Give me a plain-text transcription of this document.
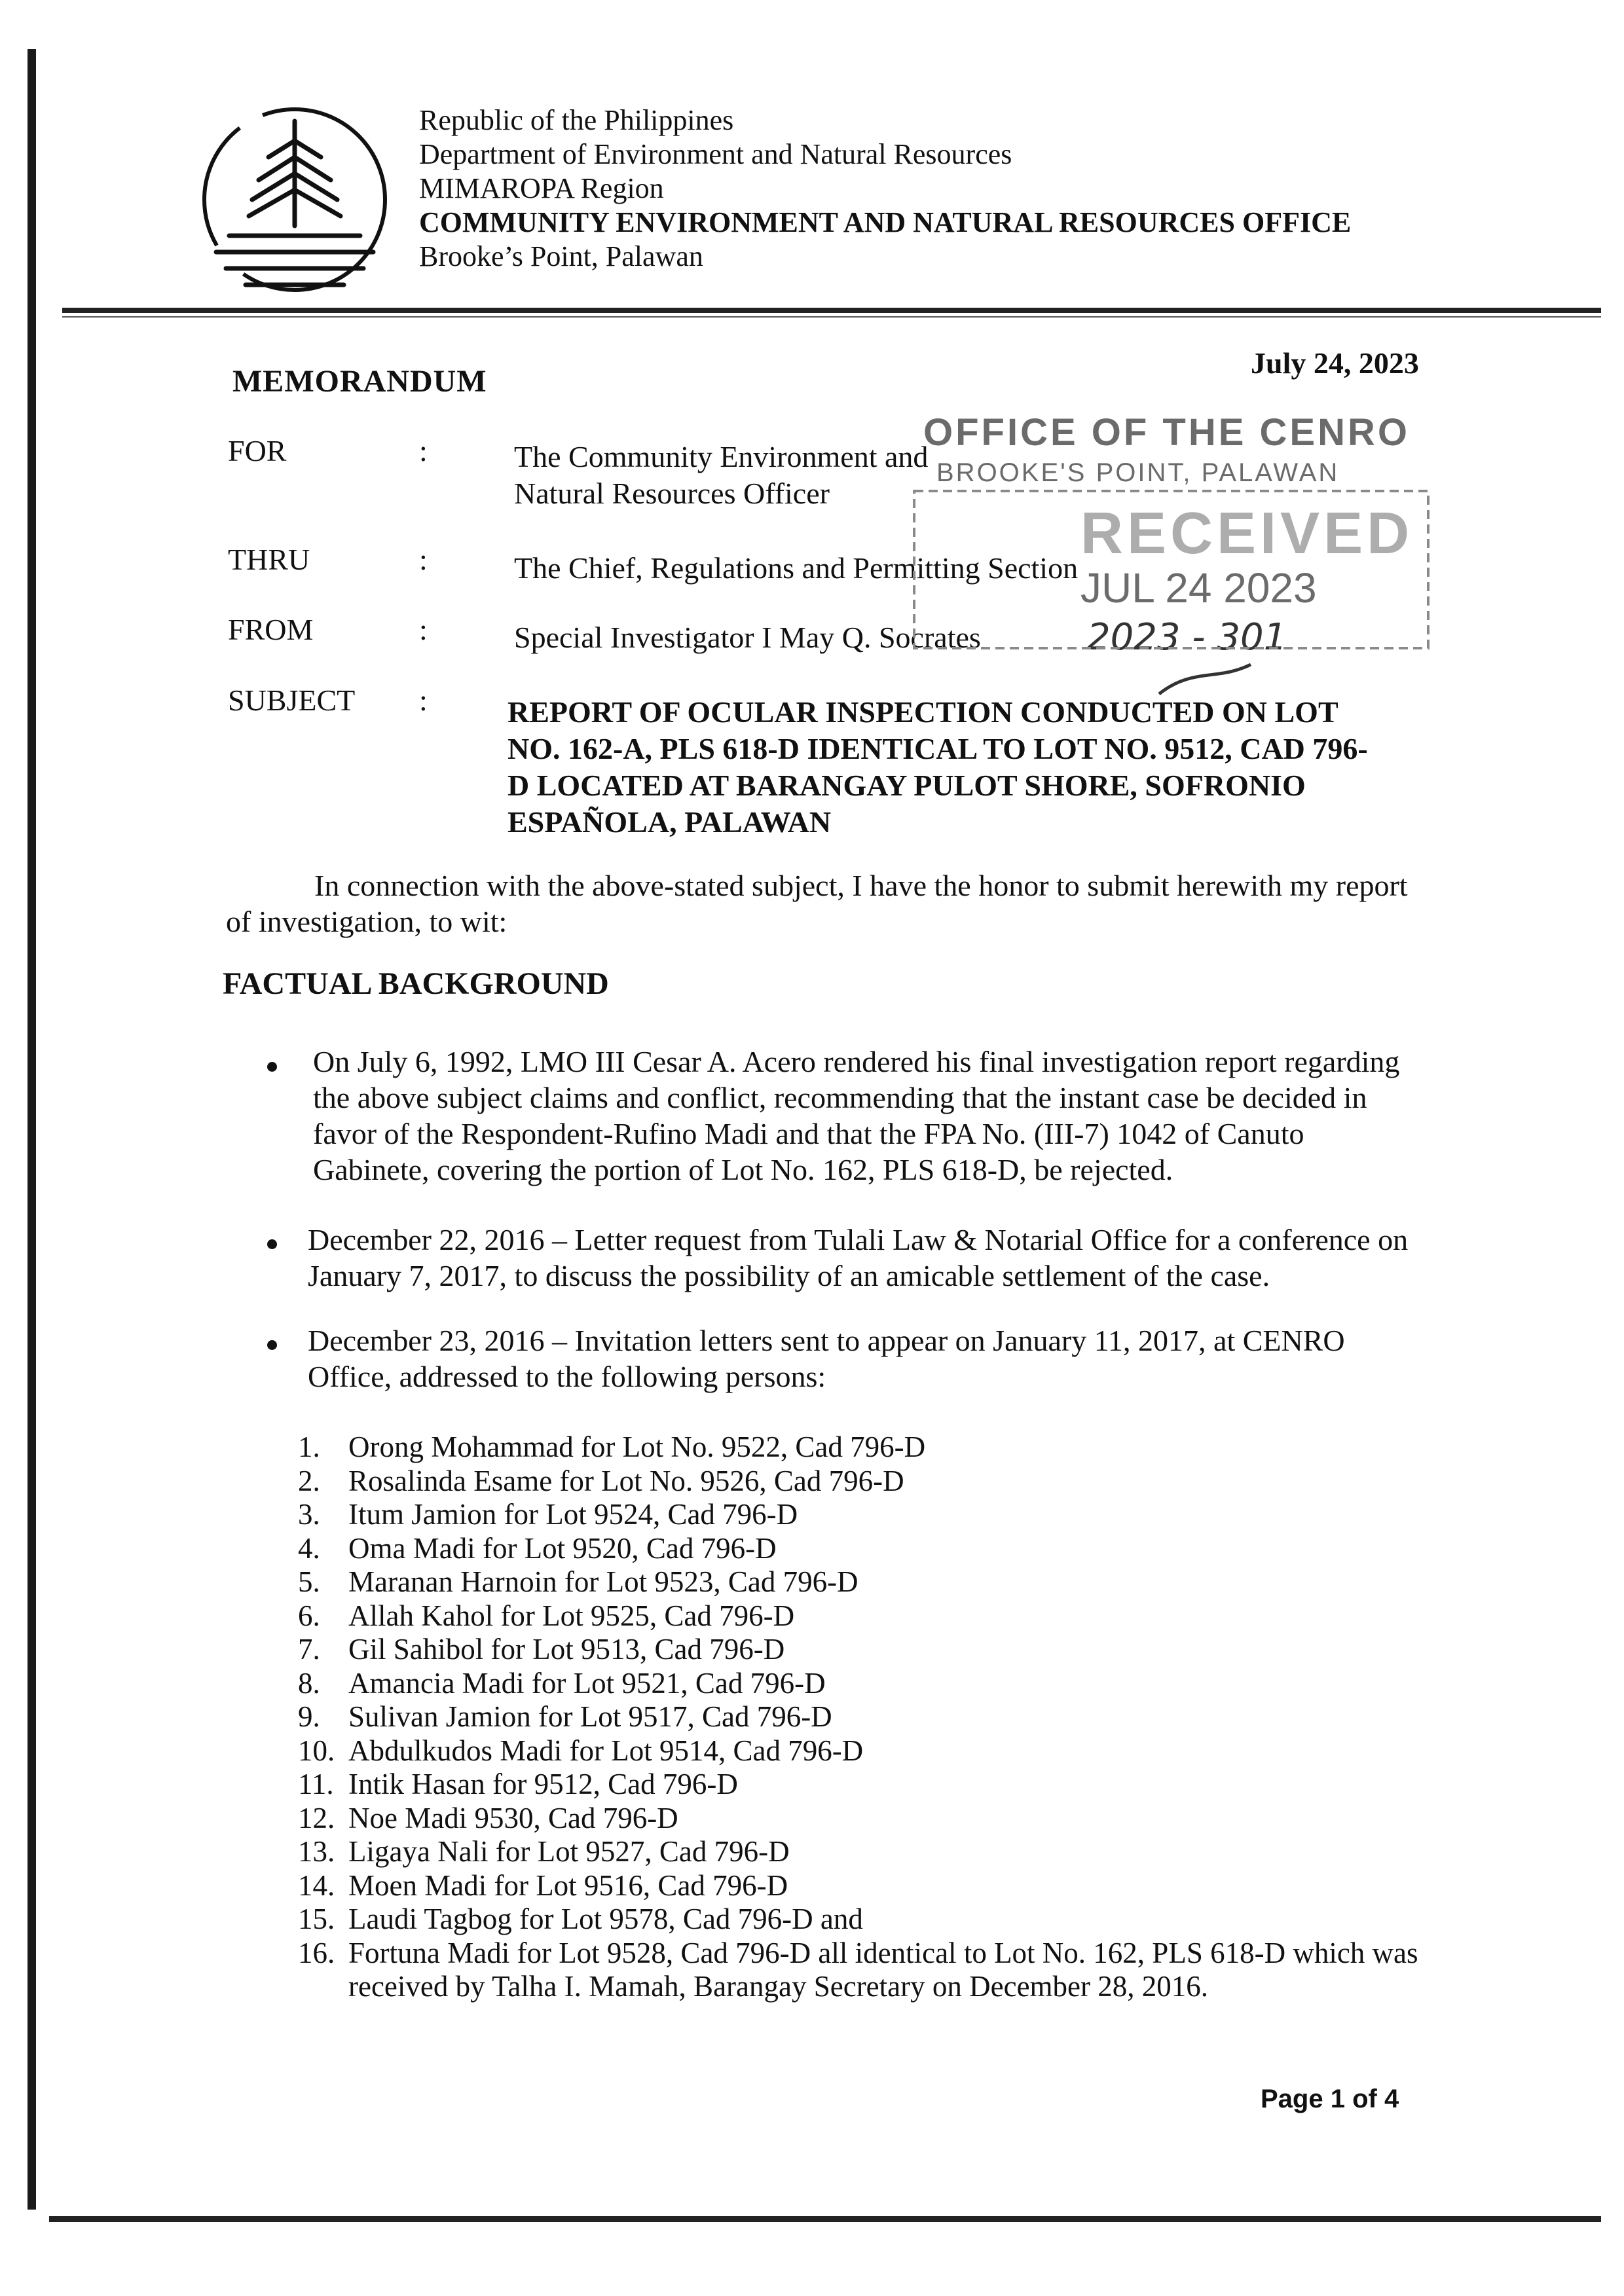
Republic of the Philippines
Department of Environment and Natural Resources
MIMAROPA Region
COMMUNITY ENVIRONMENT AND NATURAL RESOURCES OFFICE
Brooke’s Point, Palawan
July 24, 2023
MEMORANDUM
FOR	:	The Community Environment and
Natural Resources Officer
THRU	:	The Chief, Regulations and Permitting Section
FROM	:	Special Investigator I May Q. Socrates
SUBJECT :	REPORT OF OCULAR INSPECTION CONDUCTED ON LOT NO. 162-A, PLS 618-D IDENTICAL TO LOT NO. 9512, CAD 796-D LOCATED AT BARANGAY PULOT SHORE, SOFRONIO ESPAÑOLA, PALAWAN
OFFICE OF THE CENRO
BROOKE'S POINT, PALAWAN
RECEIVED
JUL 24 2023
2023 - 301
In connection with the above-stated subject, I have the honor to submit herewith my report of investigation, to wit:
FACTUAL BACKGROUND
On July 6, 1992, LMO III Cesar A. Acero rendered his final investigation report regarding the above subject claims and conflict, recommending that the instant case be decided in favor of the Respondent-Rufino Madi and that the FPA No. (III-7) 1042 of Canuto Gabinete, covering the portion of Lot No. 162, PLS 618-D, be rejected.
December 22, 2016 – Letter request from Tulali Law & Notarial Office for a conference on January 7, 2017, to discuss the possibility of an amicable settlement of the case.
December 23, 2016 – Invitation letters sent to appear on January 11, 2017, at CENRO Office, addressed to the following persons:
1. Orong Mohammad for Lot No. 9522, Cad 796-D
2. Rosalinda Esame for Lot No. 9526, Cad 796-D
3. Itum Jamion for Lot 9524, Cad 796-D
4. Oma Madi for Lot 9520, Cad 796-D
5. Maranan Harnoin for Lot 9523, Cad 796-D
6. Allah Kahol for Lot 9525, Cad 796-D
7. Gil Sahibol for Lot 9513, Cad 796-D
8. Amancia Madi for Lot 9521, Cad 796-D
9. Sulivan Jamion for Lot 9517, Cad 796-D
10. Abdulkudos Madi for Lot 9514, Cad 796-D
11. Intik Hasan for 9512, Cad 796-D
12. Noe Madi 9530, Cad 796-D
13. Ligaya Nali for Lot 9527, Cad 796-D
14. Moen Madi for Lot 9516, Cad 796-D
15. Laudi Tagbog for Lot 9578, Cad 796-D and
16. Fortuna Madi for Lot 9528, Cad 796-D all identical to Lot No. 162, PLS 618-D which was received by Talha I. Mamah, Barangay Secretary on December 28, 2016.
Page 1 of 4
